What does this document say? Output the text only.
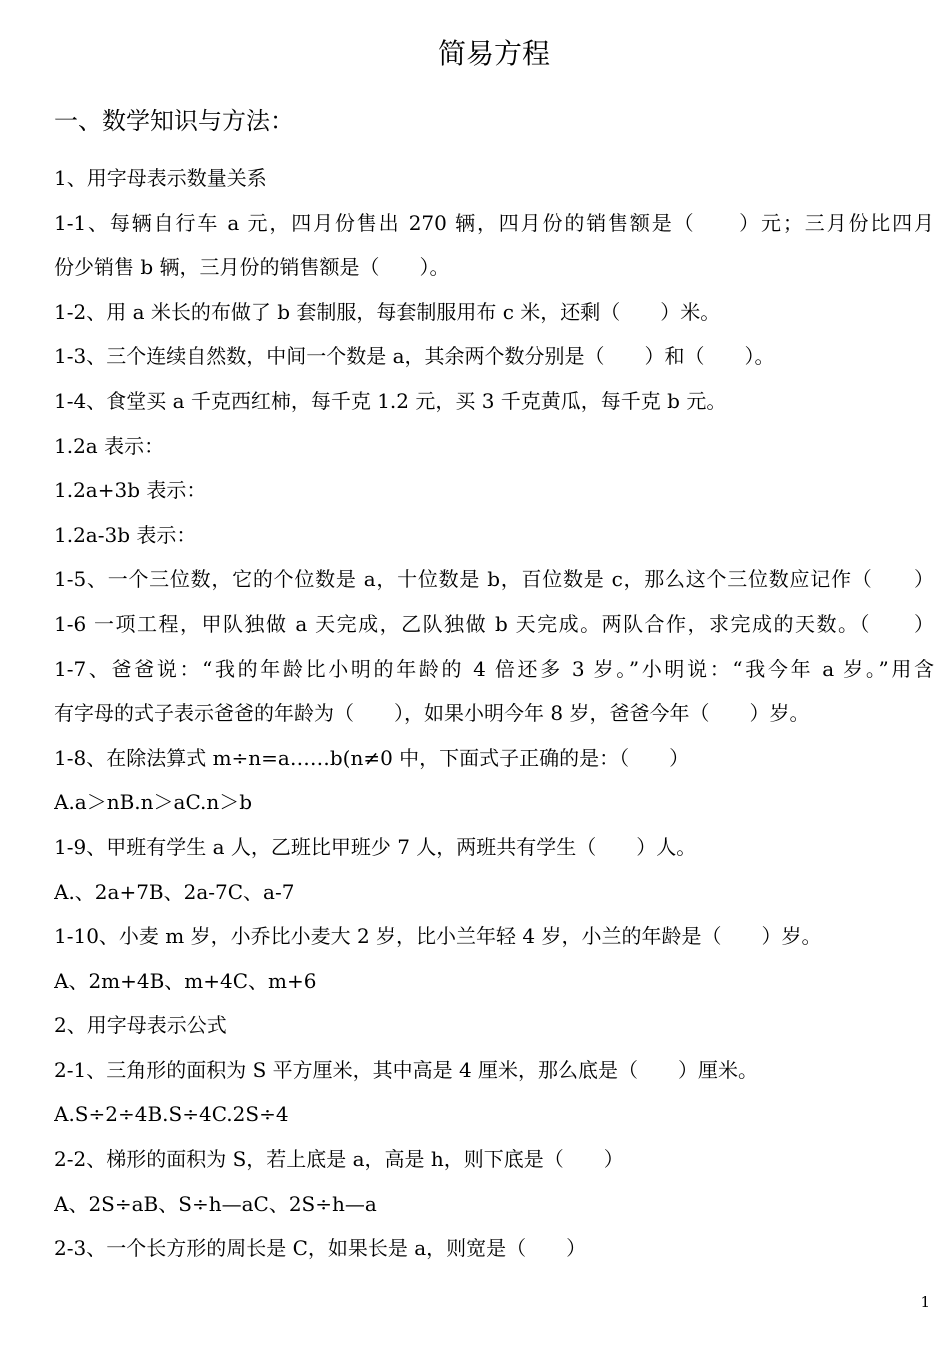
简易方程
一、数学知识与方法：
1、用字母表示数量关系
1-1、每辆自行车 a 元，四月份售出 270 辆，四月份的销售额是（　　）元；三月份比四月
份少销售 b 辆，三月份的销售额是（　　）。
1-2、用 a 米长的布做了 b 套制服，每套制服用布 c 米，还剩（　　）米。
1-3、三个连续自然数，中间一个数是 a，其余两个数分别是（　　）和（　　）。
1-4、食堂买 a 千克西红柿，每千克 1.2 元，买 3 千克黄瓜，每千克 b 元。
1.2a 表示：
1.2a+3b 表示：
1.2a-3b 表示：
1-5、一个三位数，它的个位数是 a，十位数是 b，百位数是 c，那么这个三位数应记作（　　）
1-6 一项工程，甲队独做 a 天完成，乙队独做 b 天完成。两队合作，求完成的天数。（　　）
1-7、爸爸说：“我的年龄比小明的年龄的 4 倍还多 3 岁。”小明说：“我今年 a 岁。”用含
有字母的式子表示爸爸的年龄为（　　），如果小明今年 8 岁，爸爸今年（　　）岁。
1-8、在除法算式 m÷n=a……b(n≠0 中，下面式子正确的是：（　　）
A.a＞nB.n＞aC.n＞b
1-9、甲班有学生 a 人，乙班比甲班少 7 人，两班共有学生（　　）人。
A.、2a+7B、2a-7C、a-7
1-10、小麦 m 岁，小乔比小麦大 2 岁，比小兰年轻 4 岁，小兰的年龄是（　　）岁。
A、2m+4B、m+4C、m+6
2、用字母表示公式
2-1、三角形的面积为 S 平方厘米，其中高是 4 厘米，那么底是（　　）厘米。
A.S÷2÷4B.S÷4C.2S÷4
2-2、梯形的面积为 S，若上底是 a，高是 h，则下底是（　　）
A、2S÷aB、S÷h—aC、2S÷h—a
2-3、一个长方形的周长是 C，如果长是 a，则宽是（　　）
1
